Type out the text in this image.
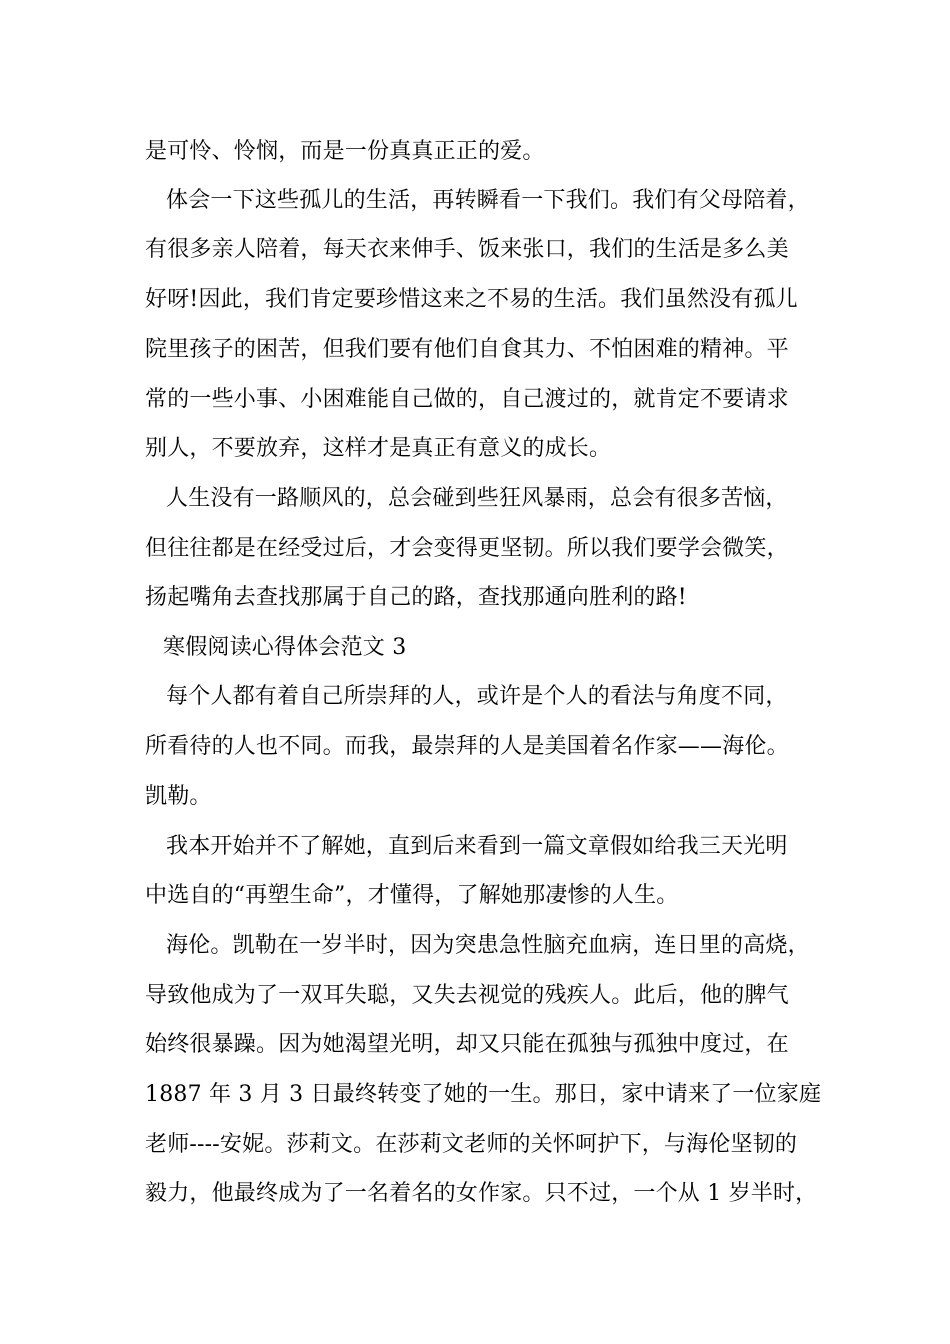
是可怜、怜悯，而是一份真真正正的爱。
体会一下这些孤儿的生活，再转瞬看一下我们。我们有父母陪着，
有很多亲人陪着，每天衣来伸手、饭来张口，我们的生活是多么美
好呀!因此，我们肯定要珍惜这来之不易的生活。我们虽然没有孤儿
院里孩子的困苦，但我们要有他们自食其力、不怕困难的精神。平
常的一些小事、小困难能自己做的，自己渡过的，就肯定不要请求
别人，不要放弃，这样才是真正有意义的成长。
人生没有一路顺风的，总会碰到些狂风暴雨，总会有很多苦恼，
但往往都是在经受过后，才会变得更坚韧。所以我们要学会微笑，
扬起嘴角去查找那属于自己的路，查找那通向胜利的路!
寒假阅读心得体会范文 3
每个人都有着自己所崇拜的人，或许是个人的看法与角度不同，
所看待的人也不同。而我，最崇拜的人是美国着名作家——海伦。
凯勒。
我本开始并不了解她，直到后来看到一篇文章假如给我三天光明
中选自的“再塑生命”，才懂得，了解她那凄惨的人生。
海伦。凯勒在一岁半时，因为突患急性脑充血病，连日里的高烧，
导致他成为了一双耳失聪，又失去视觉的残疾人。此后，他的脾气
始终很暴躁。因为她渴望光明，却又只能在孤独与孤独中度过，在
1887 年 3 月 3 日最终转变了她的一生。那日，家中请来了一位家庭
老师----安妮。莎莉文。在莎莉文老师的关怀呵护下，与海伦坚韧的
毅力，他最终成为了一名着名的女作家。只不过，一个从 1 岁半时，
